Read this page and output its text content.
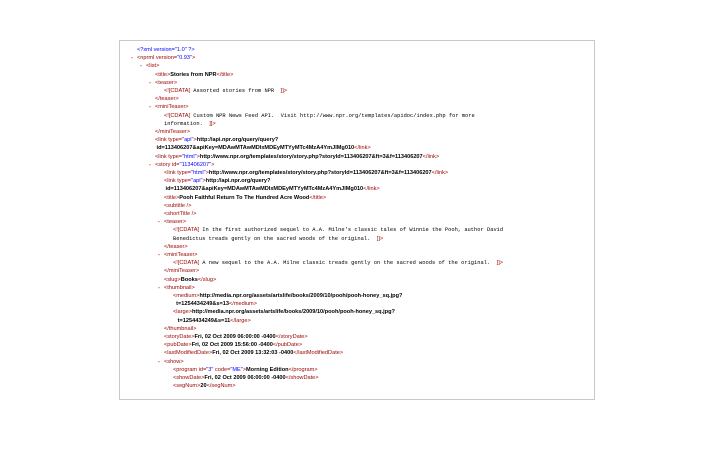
<?xml version="1.0" ?>
- <nprml version="0.93">
- <list>
<title>Stories from NPR</title>
- <teaser>
<![CDATA[ Assorted stories from NPR  ]]>
</teaser>
- <miniTeaser>
<![CDATA[ Custom NPR News Feed API.  Visit http://www.npr.org/templates/apidoc/index.php for more
information.  ]]>
</miniTeaser>
<link type="api">http://api.npr.org/query/query?
id=113406207&apiKey=MDAwMTAwMDIxMDEyMTYyMTc4MzA4YmJlMg010</link>
<link type="html">http://www.npr.org/templates/story/story.php?storyId=113406207&ft=3&f=113406207</link>
- <story id="113406207">
<link type="html">http://www.npr.org/templates/story/story.php?storyId=113406207&ft=3&f=113406207</link>
<link type="api">http://api.npr.org/query?
id=113406207&apiKey=MDAwMTAwMDIxMDEyMTYyMTc4MzA4YmJlMg010</link>
<title>Pooh Faithful Return To The Hundred Acre Wood</title>
<subtitle />
<shortTitle />
- <teaser>
<![CDATA[ In the first authorized sequel to A.A. Milne's classic tales of Winnie the Pooh, author David
Benedictus treads gently on the sacred woods of the original.  ]]>
</teaser>
- <miniTeaser>
<![CDATA[ A new sequel to the A.A. Milne classic treads gently on the sacred woods of the original.  ]]>
</miniTeaser>
<slug>Books</slug>
- <thumbnail>
<medium>http://media.npr.org/assets/artslife/books/2009/10/pooh/pooh-honey_sq.jpg?
t=1254434249&s=13</medium>
<large>http://media.npr.org/assets/artslife/books/2009/10/pooh/pooh-honey_sq.jpg?
t=1254434249&s=11</large>
</thumbnail>
<storyDate>Fri, 02 Oct 2009 06:00:00 -0400</storyDate>
<pubDate>Fri, 02 Oct 2009 15:56:00 -0400</pubDate>
<lastModifiedDate>Fri, 02 Oct 2009 13:32:03 -0400</lastModifiedDate>
- <show>
<program id="3" code="ME">Morning Edition</program>
<showDate>Fri, 02 Oct 2009 06:00:00 -0400</showDate>
<segNum>20</segNum>
